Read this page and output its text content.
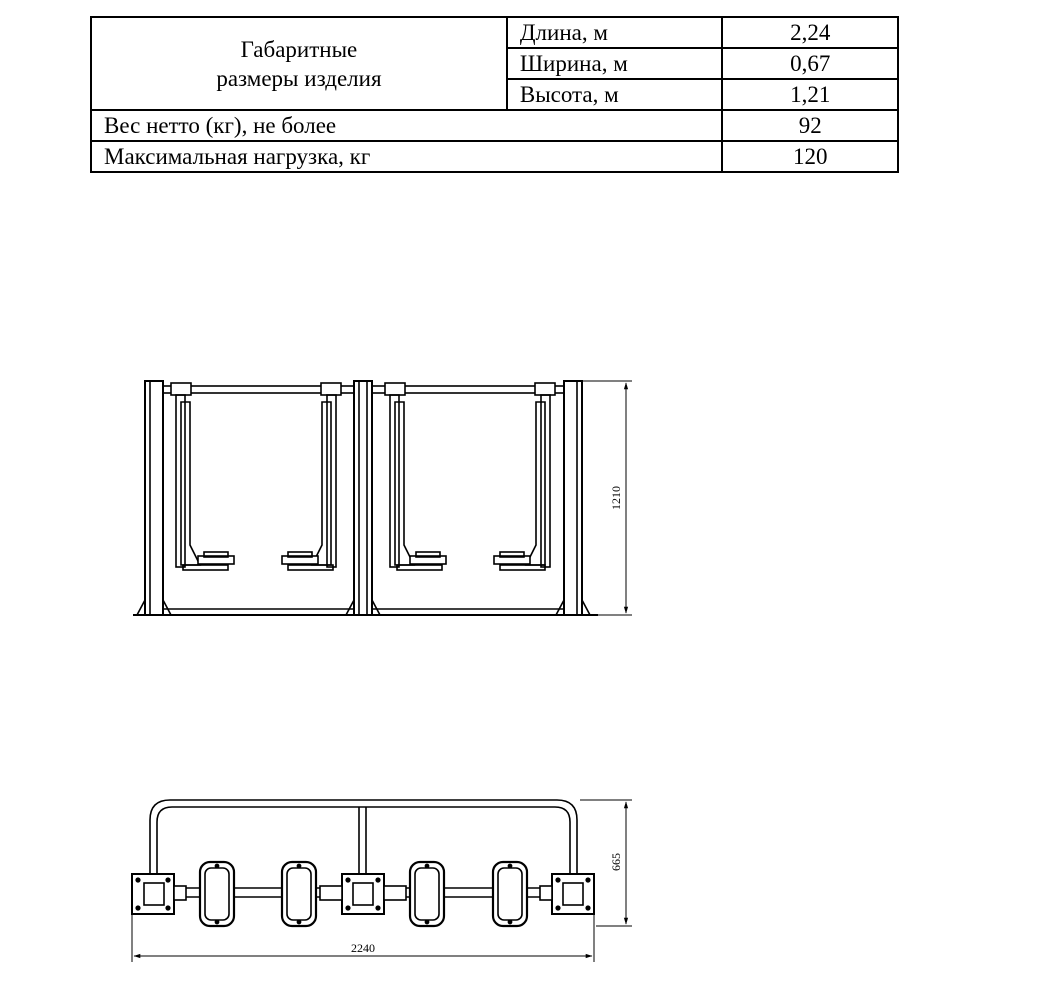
Габаритные
размеры изделия	Длина, м	2,24
	Ширина, м	0,67
	Высота, м	1,21
Вес нетто (кг), не более		92
Максимальная нагрузка, кг		120
1210
665
2240
